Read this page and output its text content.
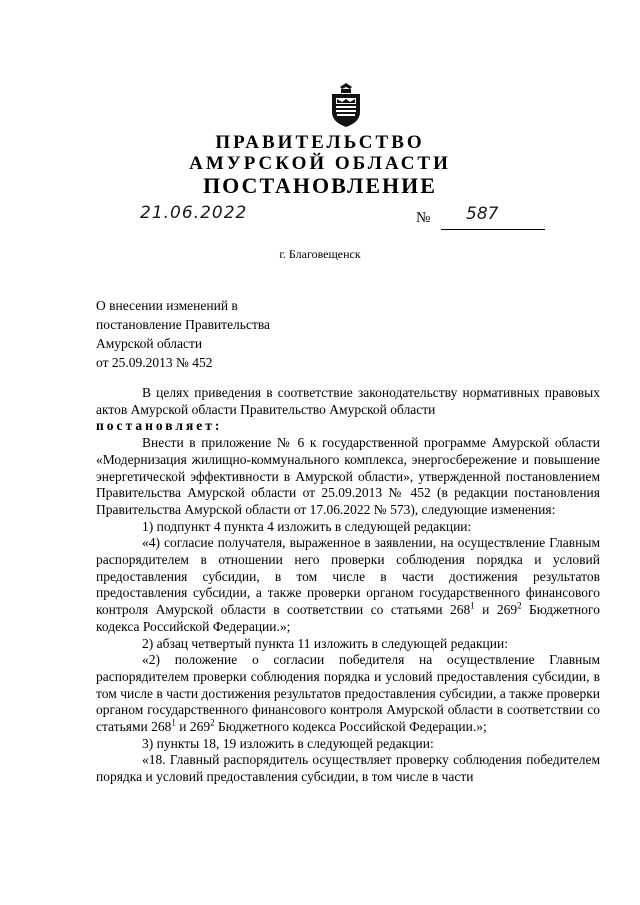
ПРАВИТЕЛЬСТВО
АМУРСКОЙ ОБЛАСТИ
ПОСТАНОВЛЕНИЕ
21.06.2022	№ 587
г. Благовещенск
О внесении изменений в
постановление Правительства
Амурской области
от 25.09.2013 № 452

В целях приведения в соответствие законодательству нормативных правовых актов Амурской области Правительство Амурской области

постановляет:

Внести в приложение № 6 к государственной программе Амурской области «Модернизация жилищно-коммунального комплекса, энергосбережение и повышение энергетической эффективности в Амурской области», утвержденной постановлением Правительства Амурской области от 25.09.2013 № 452 (в редакции постановления Правительства Амурской области от 17.06.2022 № 573), следующие изменения:

1) подпункт 4 пункта 4 изложить в следующей редакции:

«4) согласие получателя, выраженное в заявлении, на осуществление Главным распорядителем в отношении него проверки соблюдения порядка и условий предоставления субсидии, в том числе в части достижения результатов предоставления субсидии, а также проверки органом государственного финансового контроля Амурской области в соответствии со статьями $268^1$ и $269^2$ Бюджетного кодекса Российской Федерации.»;

2) абзац четвертый пункта 11 изложить в следующей редакции:

«2) положение о согласии победителя на осуществление Главным распорядителем проверки соблюдения порядка и условий предоставления субсидии, в том числе в части достижения результатов предоставления субсидии, а также проверки органом государственного финансового контроля Амурской области в соответствии со статьями $268^1$ и $269^2$ Бюджетного кодекса Российской Федерации.»;

3) пункты 18, 19 изложить в следующей редакции:

«18. Главный распорядитель осуществляет проверку соблюдения победителем порядка и условий предоставления субсидии, в том числе в части
